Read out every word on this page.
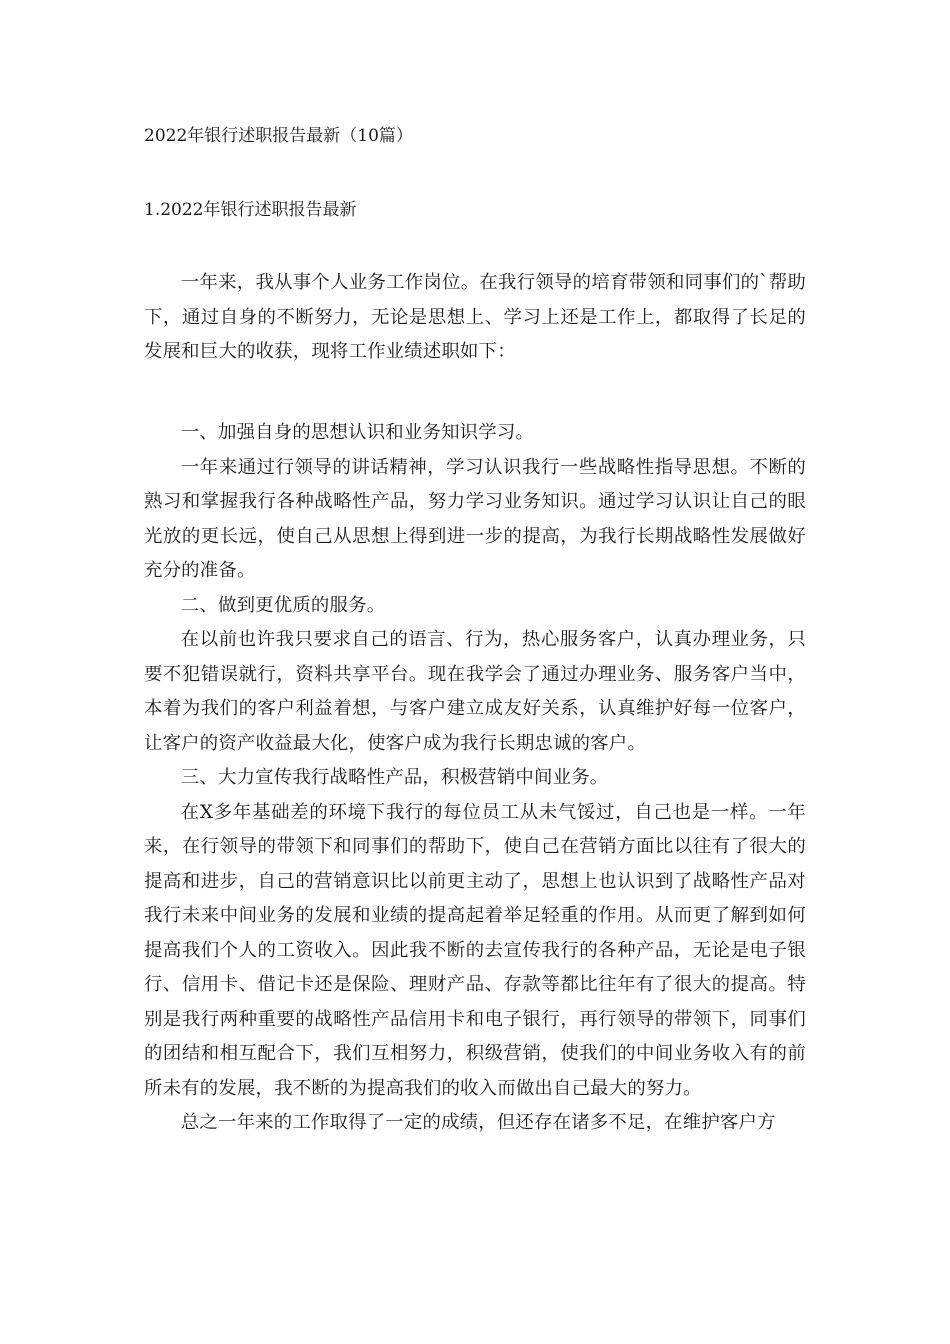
2022年银行述职报告最新（10篇）
1.2022年银行述职报告最新

一年来，我从事个人业务工作岗位。在我行领导的培育带领和同事们的`帮助下，通过自身的不断努力，无论是思想上、学习上还是工作上，都取得了长足的发展和巨大的收获，现将工作业绩述职如下：

一、加强自身的思想认识和业务知识学习。

一年来通过行领导的讲话精神，学习认识我行一些战略性指导思想。不断的熟习和掌握我行各种战略性产品，努力学习业务知识。通过学习认识让自己的眼光放的更长远，使自己从思想上得到进一步的提高，为我行长期战略性发展做好充分的准备。

二、做到更优质的服务。

在以前也许我只要求自己的语言、行为，热心服务客户，认真办理业务，只要不犯错误就行，资料共享平台。现在我学会了通过办理业务、服务客户当中，本着为我们的客户利益着想，与客户建立成友好关系，认真维护好每一位客户，让客户的资产收益最大化，使客户成为我行长期忠诚的客户。

三、大力宣传我行战略性产品，积极营销中间业务。

在X多年基础差的环境下我行的每位员工从未气馁过，自己也是一样。一年来，在行领导的带领下和同事们的帮助下，使自己在营销方面比以往有了很大的提高和进步，自己的营销意识比以前更主动了，思想上也认识到了战略性产品对我行未来中间业务的发展和业绩的提高起着举足轻重的作用。从而更了解到如何提高我们个人的工资收入。因此我不断的去宣传我行的各种产品，无论是电子银行、信用卡、借记卡还是保险、理财产品、存款等都比往年有了很大的提高。特别是我行两种重要的战略性产品信用卡和电子银行，再行领导的带领下，同事们的团结和相互配合下，我们互相努力，积级营销，使我们的中间业务收入有的前所未有的发展，我不断的为提高我们的收入而做出自己最大的努力。

总之一年来的工作取得了一定的成绩，但还存在诸多不足，在维护客户方
